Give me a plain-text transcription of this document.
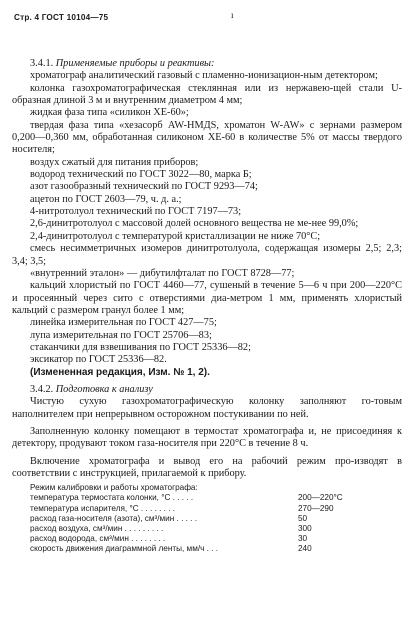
Стр. 4 ГОСТ 10104—75	ı

3.4.1. Применяемые приборы и реактивы:

хроматограф аналитический газовый с пламенно-ионизацион-ным детектором;

колонка газохроматографическая стеклянная или из нержавею-щей стали U-образная длиной 3 м и внутренним диаметром 4 мм;

жидкая фаза типа «силикон ХЕ-60»;

твердая фаза типа «хезасорб AW-HMДS, хроматон W-AW» с зернами размером 0,200—0,360 мм, обработанная силиконом ХЕ-60 в количестве 5% от массы твердого носителя;

воздух сжатый для питания приборов;

водород технический по ГОСТ 3022—80, марка Б;

азот газообразный технический по ГОСТ 9293—74;

ацетон по ГОСТ 2603—79, ч. д. а.;

4-нитротолуол технический по ГОСТ 7197—73;

2,6-динитротолуол с массовой долей основного вещества не ме-нее 99,0%;

2,4-динитротолуол с температурой кристаллизации не ниже 70°C;

смесь несимметричных изомеров динитротолуола, содержащая изомеры 2,5; 2,3; 3,4; 3,5;

«внутренний эталон» — дибутилфталат по ГОСТ 8728—77;

кальций хлористый по ГОСТ 4460—77, сушеный в течение 5—6 ч при 200—220°С и просеянный через сито с отверстиями диа-метром 1 мм, применять хлористый кальций с размером гранул более 1 мм;

линейка измерительная по ГОСТ 427—75;

лупа измерительная по ГОСТ 25706—83;

стаканчики для взвешивания по ГОСТ 25336—82;

эксикатор по ГОСТ 25336—82.

(Измененная редакция, Изм. № 1, 2).

3.4.2. Подготовка к анализу

Чистую сухую газохроматографическую колонку заполняют го-товым наполнителем при непрерывном осторожном постукивании по ней.

Заполненную колонку помещают в термостат хроматографа и, не присоединяя к детектору, продувают током газа-носителя при 220°С в течение 8 ч.

Включение хроматографа и вывод его на рабочий режим про-изводят в соответствии с инструкцией, прилагаемой к прибору.

Режим калибровки и работы хроматографа:
температура термостата колонки, °С . . . . .	200—220°С
температура испарителя, °С . . . . . . . .	270—290
расход газа-носителя (азота), см³/мин . . . . .	50
расход воздуха, см³/мин . . . . . . . . .	300
расход водорода, см³/мин . . . . . . . .	30
скорость движения диаграммной ленты, мм/ч . . .	240
